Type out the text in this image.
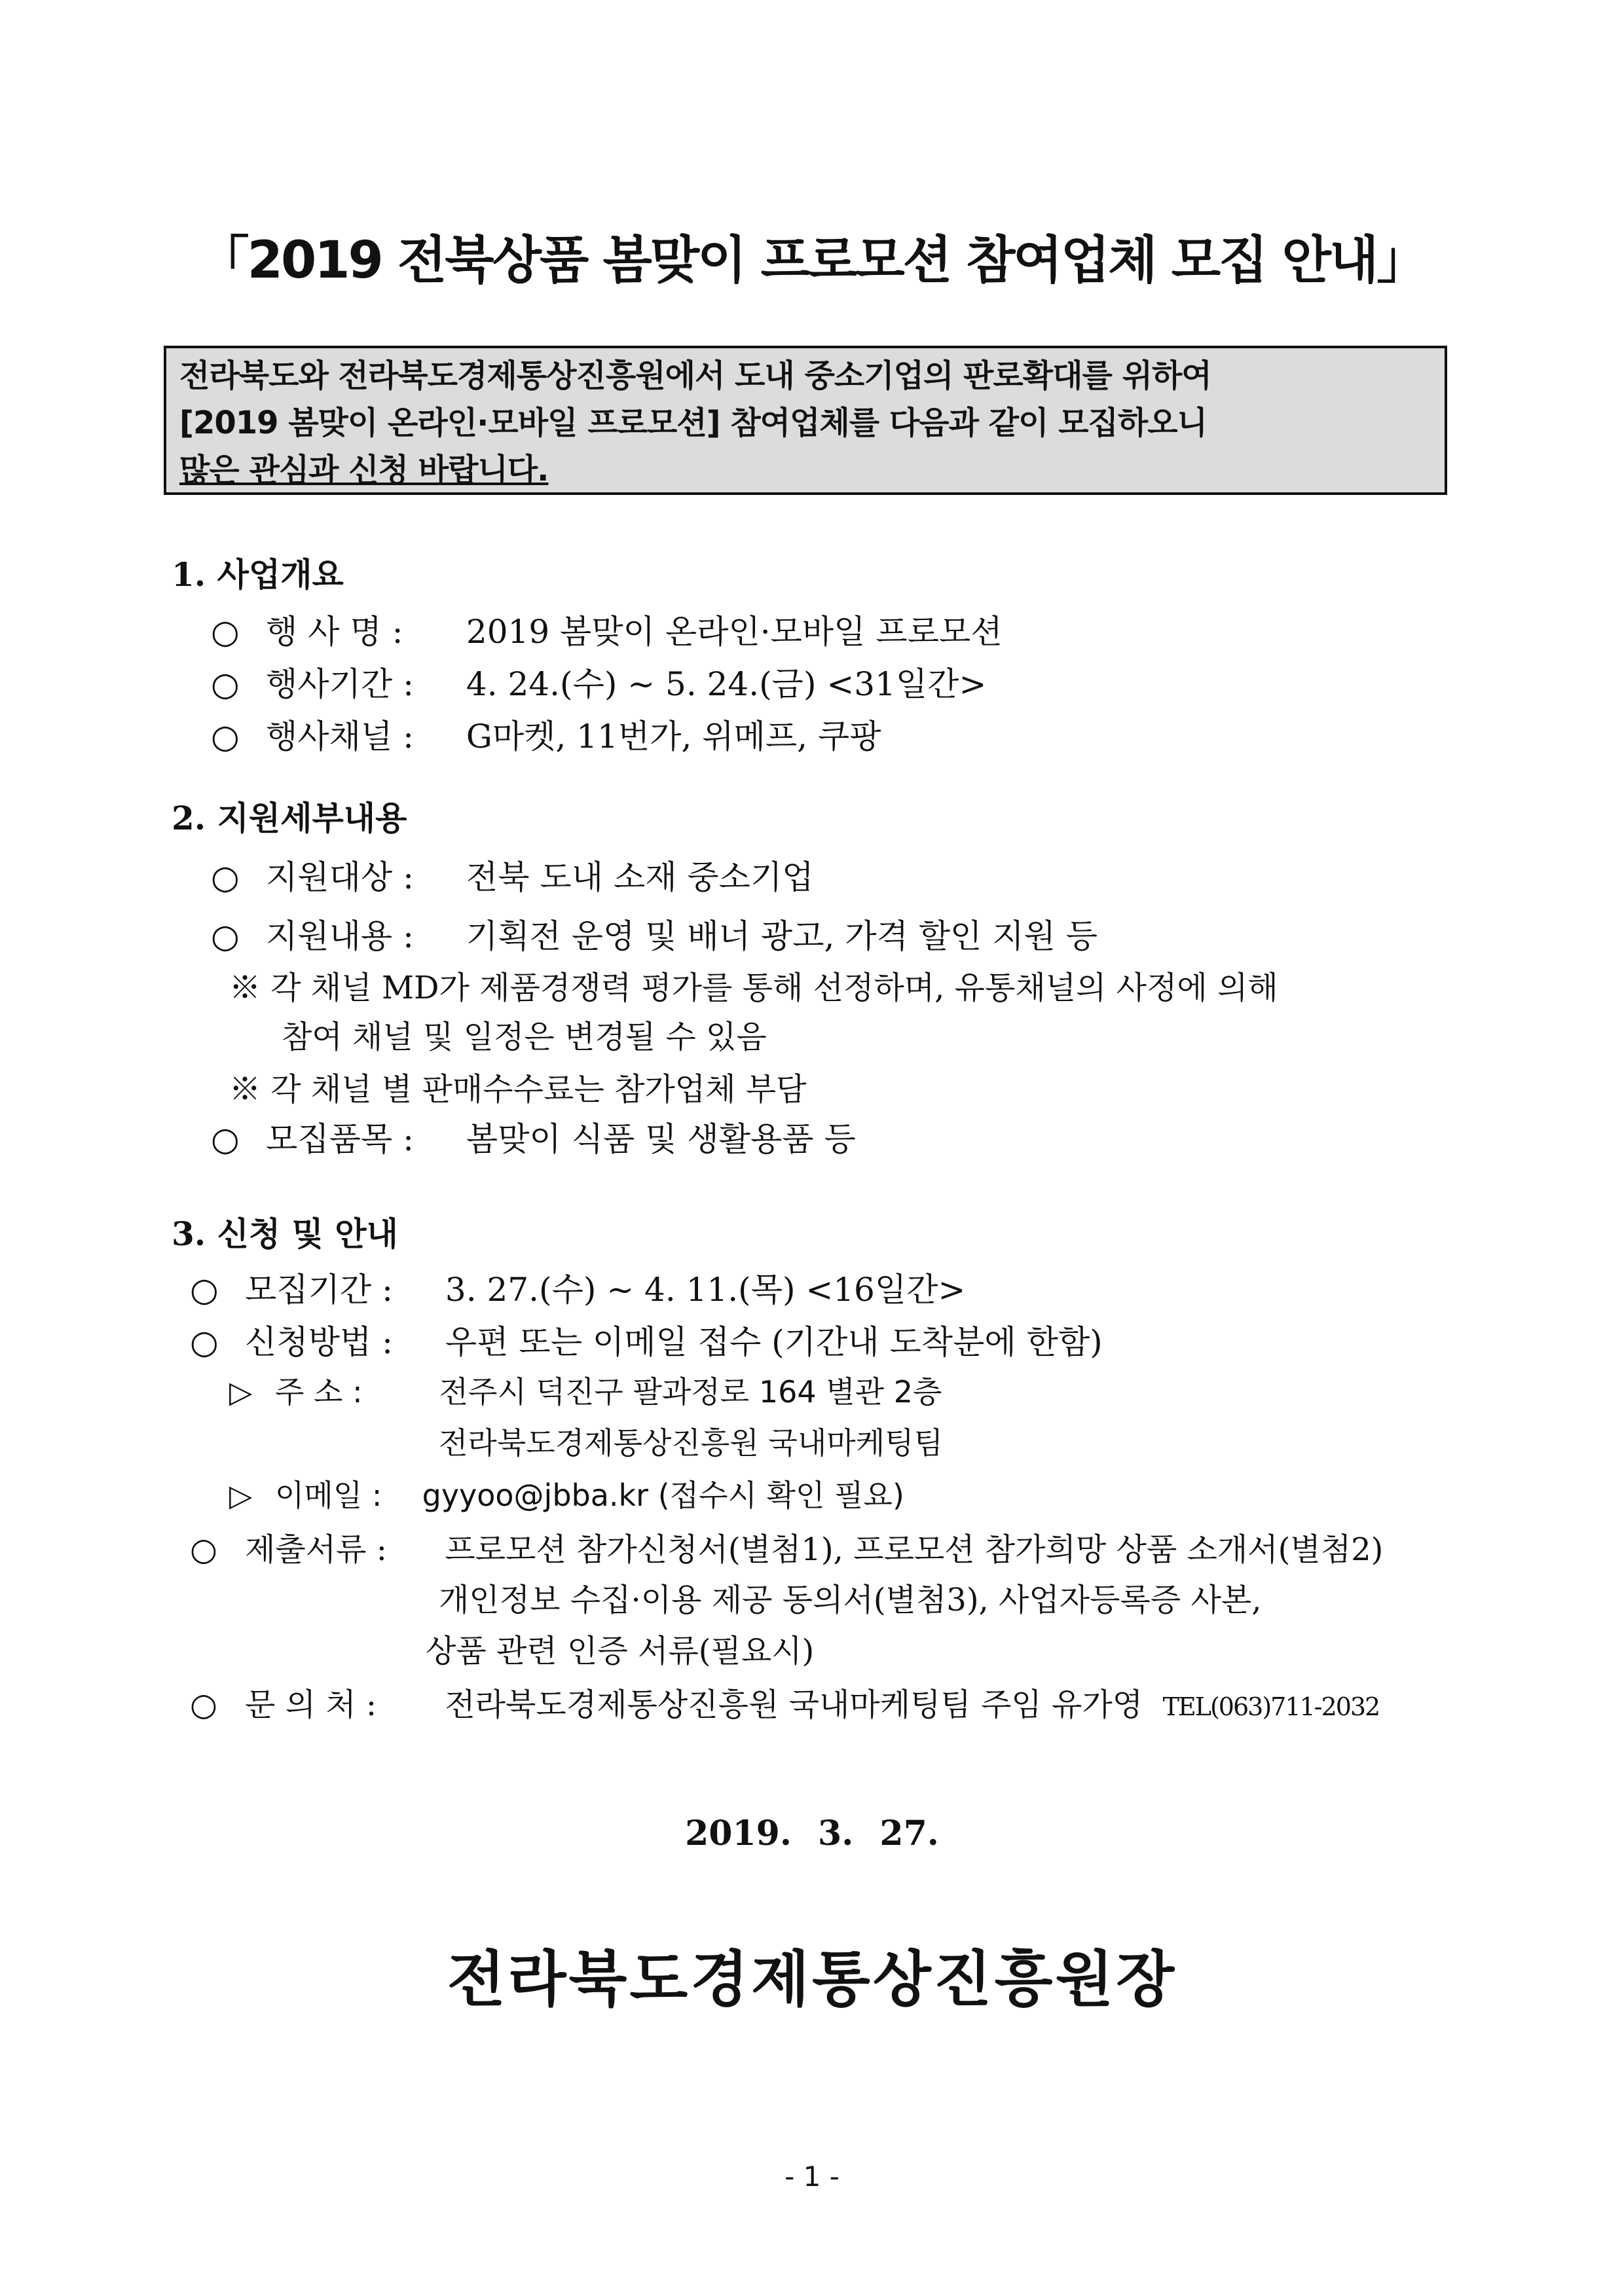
「2019 전북상품 봄맞이 프로모션 참여업체 모집 안내」
전라북도와 전라북도경제통상진흥원에서 도내 중소기업의 판로확대를 위하여
[2019 봄맞이 온라인·모바일 프로모션] 참여업체를 다음과 같이 모집하오니
많은 관심과 신청 바랍니다.
1. 사업개요
○ 행 사 명 : 2019 봄맞이 온라인·모바일 프로모션
○ 행사기간 : 4. 24.(수) ~ 5. 24.(금) <31일간>
○ 행사채널 : G마켓, 11번가, 위메프, 쿠팡
2. 지원세부내용
○ 지원대상 : 전북 도내 소재 중소기업
○ 지원내용 : 기획전 운영 및 배너 광고, 가격 할인 지원 등
※ 각 채널 MD가 제품경쟁력 평가를 통해 선정하며, 유통채널의 사정에 의해
참여 채널 및 일정은 변경될 수 있음
※ 각 채널 별 판매수수료는 참가업체 부담
○ 모집품목 : 봄맞이 식품 및 생활용품 등
3. 신청 및 안내
○ 모집기간 : 3. 27.(수) ~ 4. 11.(목) <16일간>
○ 신청방법 : 우편 또는 이메일 접수 (기간내 도착분에 한함)
▷ 주 소 :	전주시 덕진구 팔과정로 164 별관 2층
전라북도경제통상진흥원 국내마케팅팀
▷ 이메일 : gyyoo@jbba.kr (접수시 확인 필요)
○ 제출서류 : 프로모션 참가신청서(별첨1), 프로모션 참가희망 상품 소개서(별첨2)
개인정보 수집·이용 제공 동의서(별첨3), 사업자등록증 사본,
상품 관련 인증 서류(필요시)
○ 문 의 처 : 전라북도경제통상진흥원 국내마케팅팀 주임 유가영 TEL(063)711-2032
2019. 3. 27.
전라북도경제통상진흥원장
- 1 -
